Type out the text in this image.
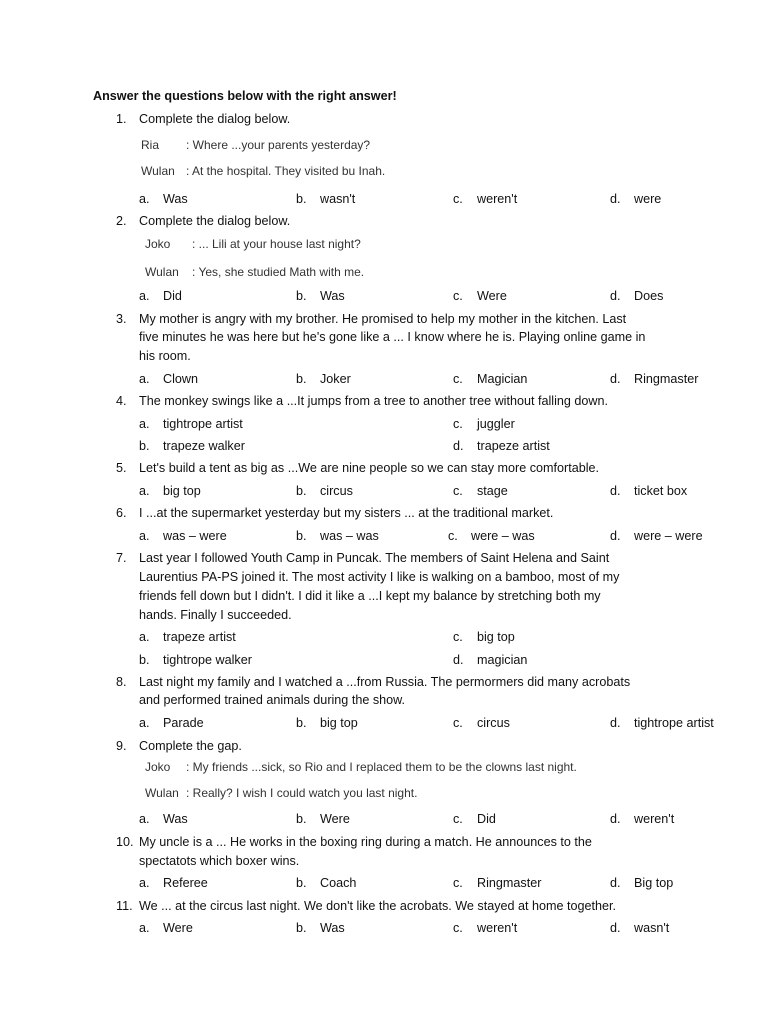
Answer the questions below with the right answer!
1. Complete the dialog below.
Ria : Where ...your parents yesterday?
Wulan : At the hospital. They visited bu Inah.
a. Was	b. wasn't	c. weren't	d. were
2. Complete the dialog below.
Joko : ... Lili at your house last night?
Wulan : Yes, she studied Math with me.
a. Did	b. Was	c. Were	d. Does
3. My mother is angry with my brother. He promised to help my mother in the kitchen. Last
five minutes he was here but he's gone like a ... I know where he is. Playing online game in
his room.
a. Clown	b. Joker	c. Magician	d. Ringmaster
4. The monkey swings like a ...It jumps from a tree to another tree without falling down.
a. tightrope artist	c. juggler
b. trapeze walker	d. trapeze artist
5. Let's build a tent as big as ...We are nine people so we can stay more comfortable.
a. big top	b. circus	c. stage	d. ticket box
6. I ...at the supermarket yesterday but my sisters ... at the traditional market.
a. was – were	b. was – was	c. were – was	d. were – were
7. Last year I followed Youth Camp in Puncak. The members of Saint Helena and Saint
Laurentius PA-PS joined it. The most activity I like is walking on a bamboo, most of my
friends fell down but I didn't. I did it like a ...I kept my balance by stretching both my
hands. Finally I succeeded.
a. trapeze artist	c. big top
b. tightrope walker	d. magician
8. Last night my family and I watched a ...from Russia. The permormers did many acrobats
and performed trained animals during the show.
a. Parade	b. big top	c. circus	d. tightrope artist
9. Complete the gap.
Joko : My friends ...sick, so Rio and I replaced them to be the clowns last night.
Wulan : Really? I wish I could watch you last night.
a. Was	b. Were	c. Did	d. weren't
10. My uncle is a ... He works in the boxing ring during a match. He announces to the
spectatots which boxer wins.
a. Referee	b. Coach	c. Ringmaster	d. Big top
11. We ... at the circus last night. We don't like the acrobats. We stayed at home together.
a. Were	b. Was	c. weren't	d. wasn't
